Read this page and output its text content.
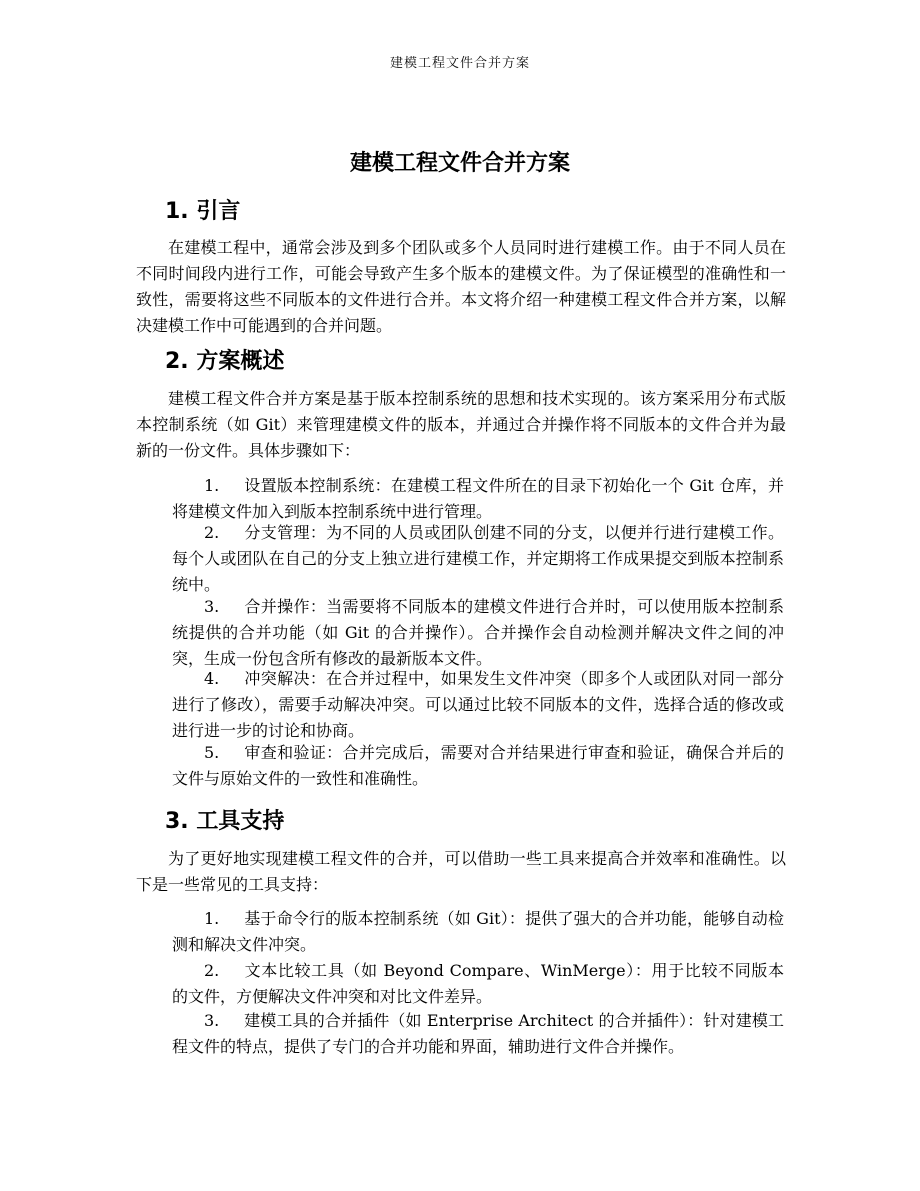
建模工程文件合并方案
建模工程文件合并方案
1. 引言

在建模工程中，通常会涉及到多个团队或多个人员同时进行建模工作。由于不同人员在不同时间段内进行工作，可能会导致产生多个版本的建模文件。为了保证模型的准确性和一致性，需要将这些不同版本的文件进行合并。本文将介绍一种建模工程文件合并方案，以解决建模工作中可能遇到的合并问题。

2. 方案概述

建模工程文件合并方案是基于版本控制系统的思想和技术实现的。该方案采用分布式版本控制系统（如 Git）来管理建模文件的版本，并通过合并操作将不同版本的文件合并为最新的一份文件。具体步骤如下：

1. 设置版本控制系统：在建模工程文件所在的目录下初始化一个 Git 仓库，并将建模文件加入到版本控制系统中进行管理。
2. 分支管理：为不同的人员或团队创建不同的分支，以便并行进行建模工作。每个人或团队在自己的分支上独立进行建模工作，并定期将工作成果提交到版本控制系统中。
3. 合并操作：当需要将不同版本的建模文件进行合并时，可以使用版本控制系统提供的合并功能（如 Git 的合并操作）。合并操作会自动检测并解决文件之间的冲突，生成一份包含所有修改的最新版本文件。
4. 冲突解决：在合并过程中，如果发生文件冲突（即多个人或团队对同一部分进行了修改），需要手动解决冲突。可以通过比较不同版本的文件，选择合适的修改或进行进一步的讨论和协商。
5. 审查和验证：合并完成后，需要对合并结果进行审查和验证，确保合并后的文件与原始文件的一致性和准确性。
3. 工具支持

为了更好地实现建模工程文件的合并，可以借助一些工具来提高合并效率和准确性。以下是一些常见的工具支持：

1. 基于命令行的版本控制系统（如 Git）：提供了强大的合并功能，能够自动检测和解决文件冲突。
2. 文本比较工具（如 Beyond Compare、WinMerge）：用于比较不同版本的文件，方便解决文件冲突和对比文件差异。
3. 建模工具的合并插件（如 Enterprise Architect 的合并插件）：针对建模工程文件的特点，提供了专门的合并功能和界面，辅助进行文件合并操作。
